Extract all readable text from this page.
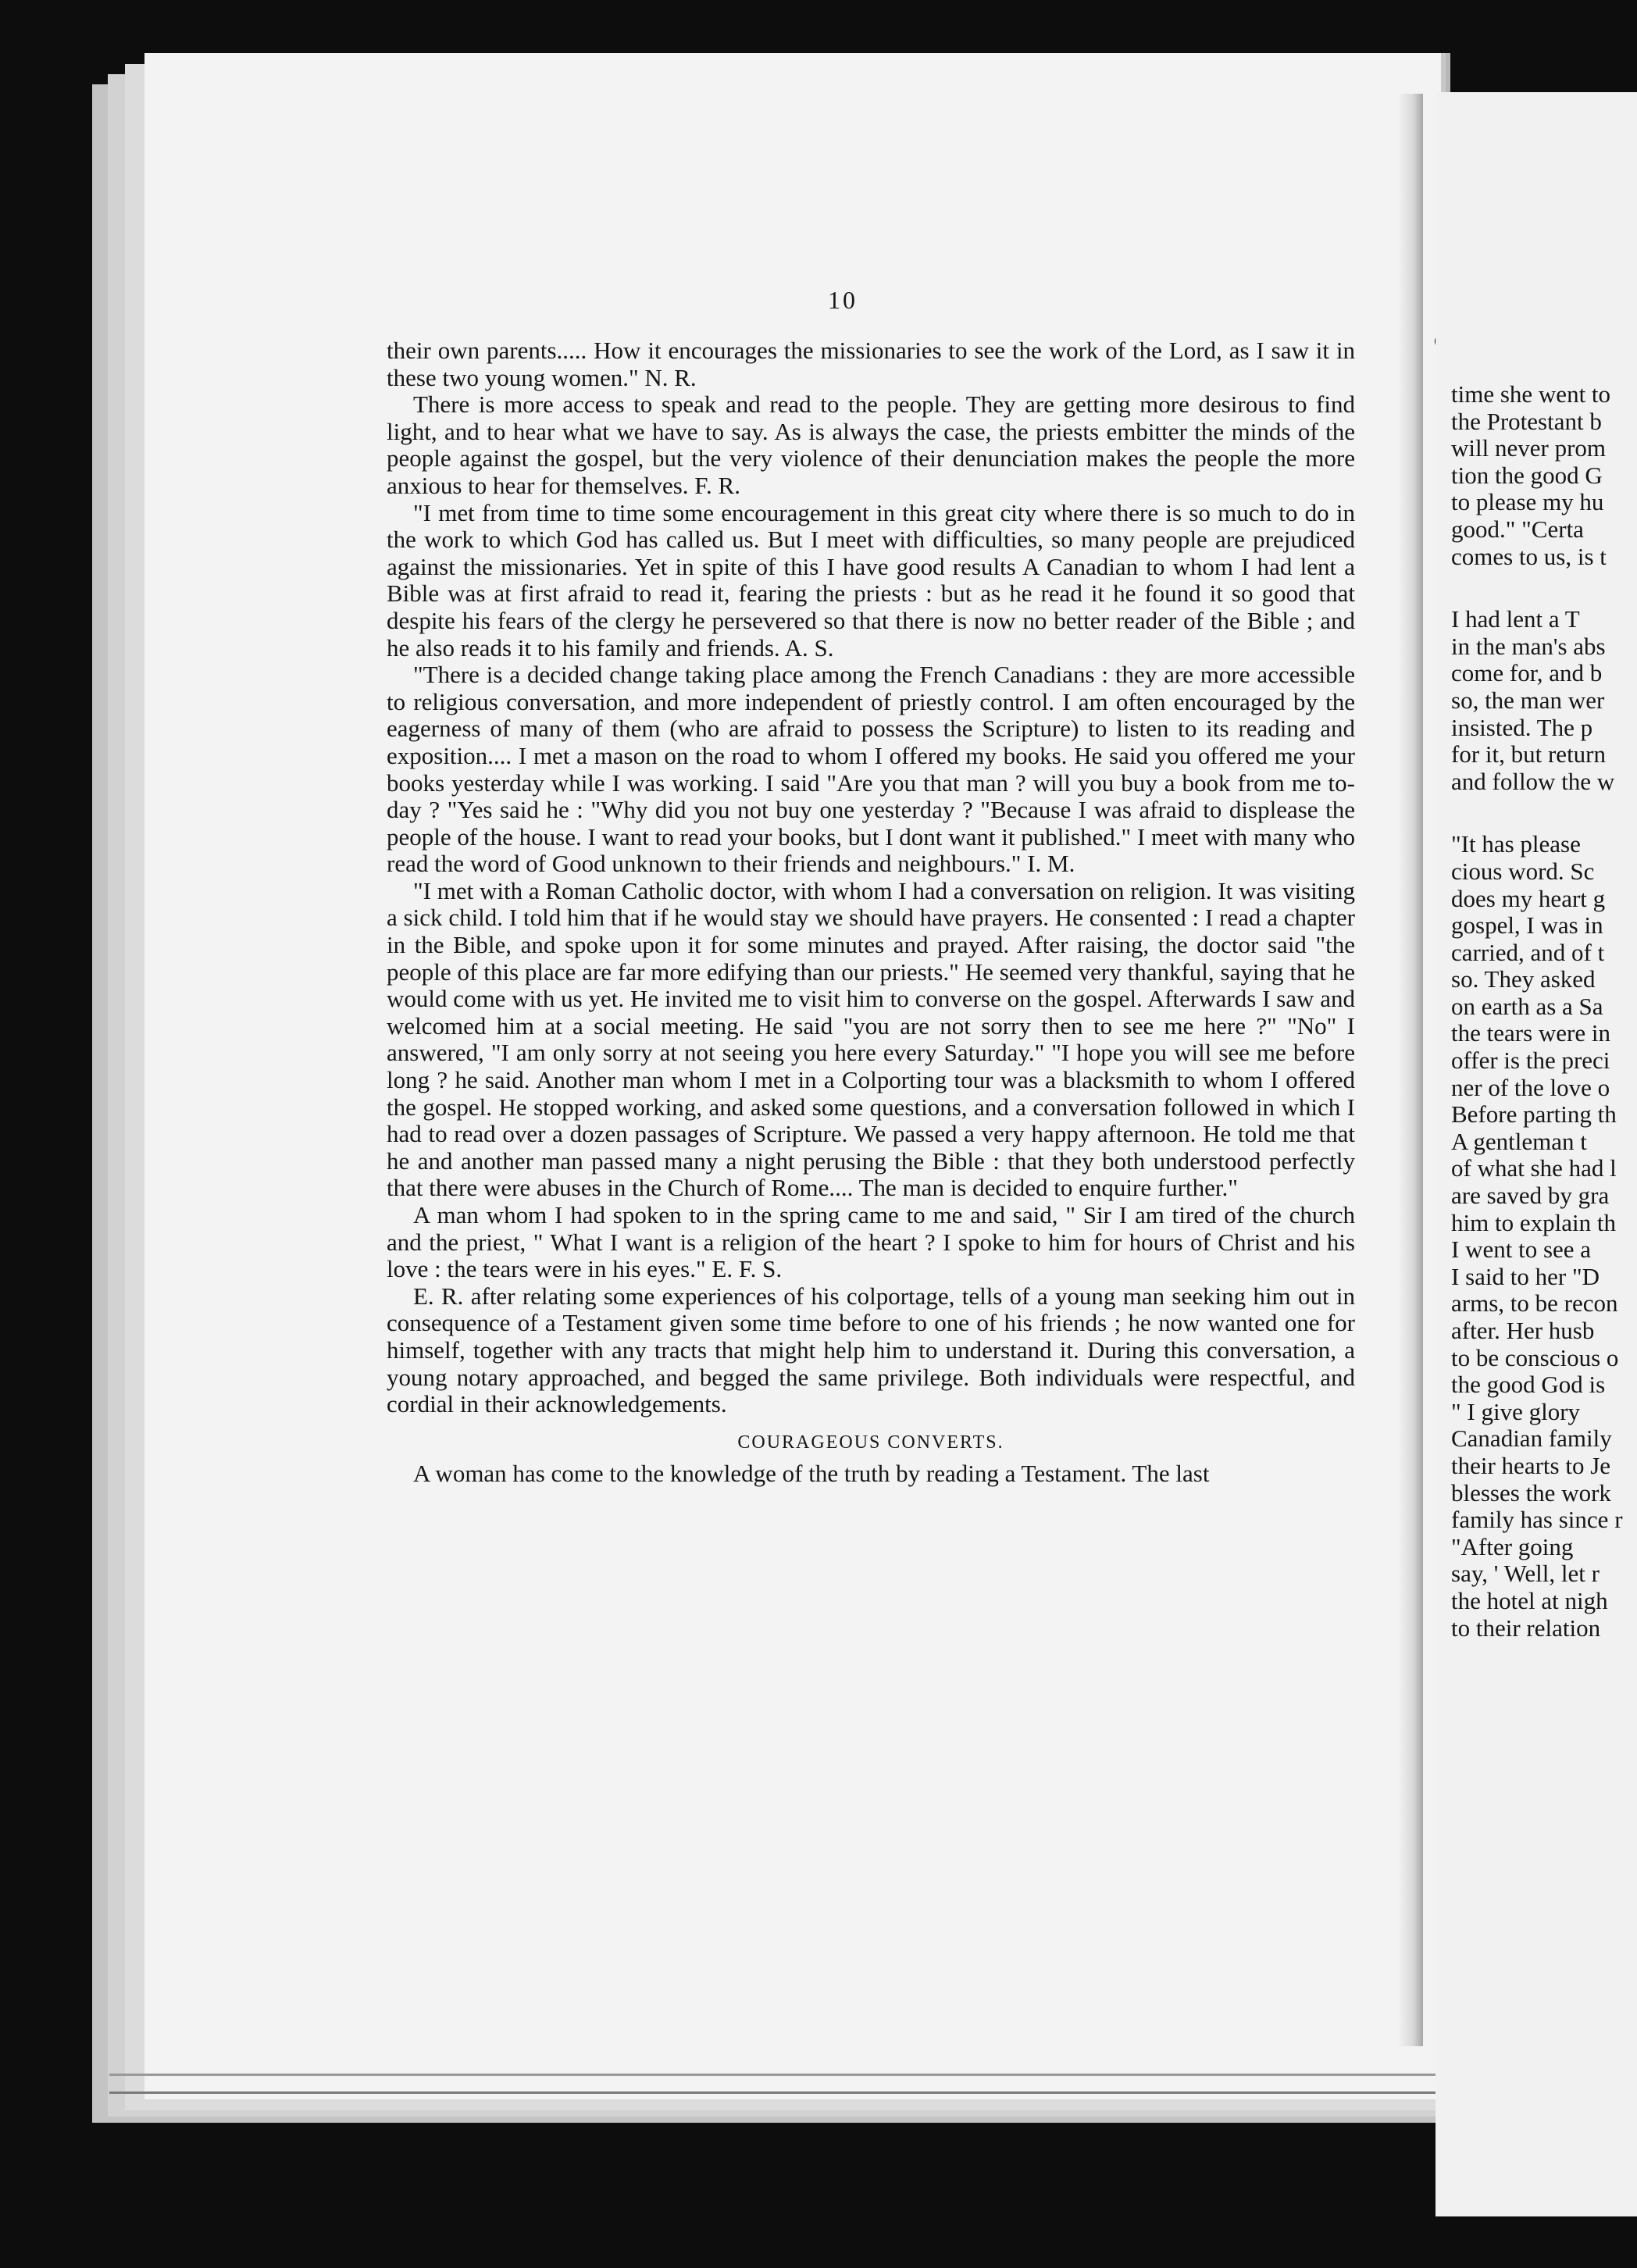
10

their own parents..... How it encourages the missionaries to see the work of the Lord, as I saw it in these two young women." N. R.

There is more access to speak and read to the people. They are getting more desirous to find light, and to hear what we have to say. As is always the case, the priests embitter the minds of the people against the gospel, but the very violence of their denunciation makes the people the more anxious to hear for themselves. F. R.

"I met from time to time some encouragement in this great city where there is so much to do in the work to which God has called us. But I meet with difficulties, so many people are prejudiced against the missionaries. Yet in spite of this I have good results A Canadian to whom I had lent a Bible was at first afraid to read it, fearing the priests : but as he read it he found it so good that despite his fears of the clergy he persevered so that there is now no better reader of the Bible ; and he also reads it to his family and friends. A. S.

"There is a decided change taking place among the French Canadians : they are more accessible to religious conversation, and more independent of priestly control. I am often encouraged by the eagerness of many of them (who are afraid to possess the Scripture) to listen to its reading and exposition.... I met a mason on the road to whom I offered my books. He said you offered me your books yesterday while I was working. I said "Are you that man ? will you buy a book from me to-day ? "Yes said he : "Why did you not buy one yesterday ? "Because I was afraid to displease the people of the house. I want to read your books, but I dont want it published." I meet with many who read the word of Good unknown to their friends and neighbours." I. M.

"I met with a Roman Catholic doctor, with whom I had a conversation on religion. It was visiting a sick child. I told him that if he would stay we should have prayers. He consented : I read a chapter in the Bible, and spoke upon it for some minutes and prayed. After raising, the doctor said "the people of this place are far more edifying than our priests." He seemed very thankful, saying that he would come with us yet. He invited me to visit him to converse on the gospel. Afterwards I saw and welcomed him at a social meeting. He said "you are not sorry then to see me here ?" "No" I answered, "I am only sorry at not seeing you here every Saturday." "I hope you will see me before long ? he said. Another man whom I met in a Colporting tour was a blacksmith to whom I offered the gospel. He stopped working, and asked some questions, and a conversation followed in which I had to read over a dozen passages of Scripture. We passed a very happy afternoon. He told me that he and another man passed many a night perusing the Bible : that they both understood perfectly that there were abuses in the Church of Rome.... The man is decided to enquire further."

A man whom I had spoken to in the spring came to me and said, " Sir I am tired of the church and the priest, " What I want is a religion of the heart ? I spoke to him for hours of Christ and his love : the tears were in his eyes." E. F. S.

E. R. after relating some experiences of his colportage, tells of a young man seeking him out in consequence of a Testament given some time before to one of his friends ; he now wanted one for himself, together with any tracts that might help him to understand it. During this conversation, a young notary approached, and begged the same privilege. Both individuals were respectful, and cordial in their acknowledgements.

COURAGEOUS CONVERTS.

A woman has come to the knowledge of the truth by reading a Testament. The last

time she went to
the Protestant b
will never prom
tion the good G
to please my hu
good." "Certa
comes to us, is t
I had lent a T
in the man's abs
come for, and b
so, the man wer
insisted. The p
for it, but return
and follow the w
"It has please
cious word. Sc
does my heart g
gospel, I was in
carried, and of t
so. They asked
on earth as a Sa
the tears were in
offer is the preci
ner of the love o
Before parting th
A gentleman t
of what she had l
are saved by gra
him to explain th
I went to see a
I said to her "D
arms, to be recon
after. Her husb
to be conscious o
the good God is
" I give glory
Canadian family
their hearts to Je
blesses the work
family has since r
"After going
say, ' Well, let r
the hotel at nigh
to their relation
